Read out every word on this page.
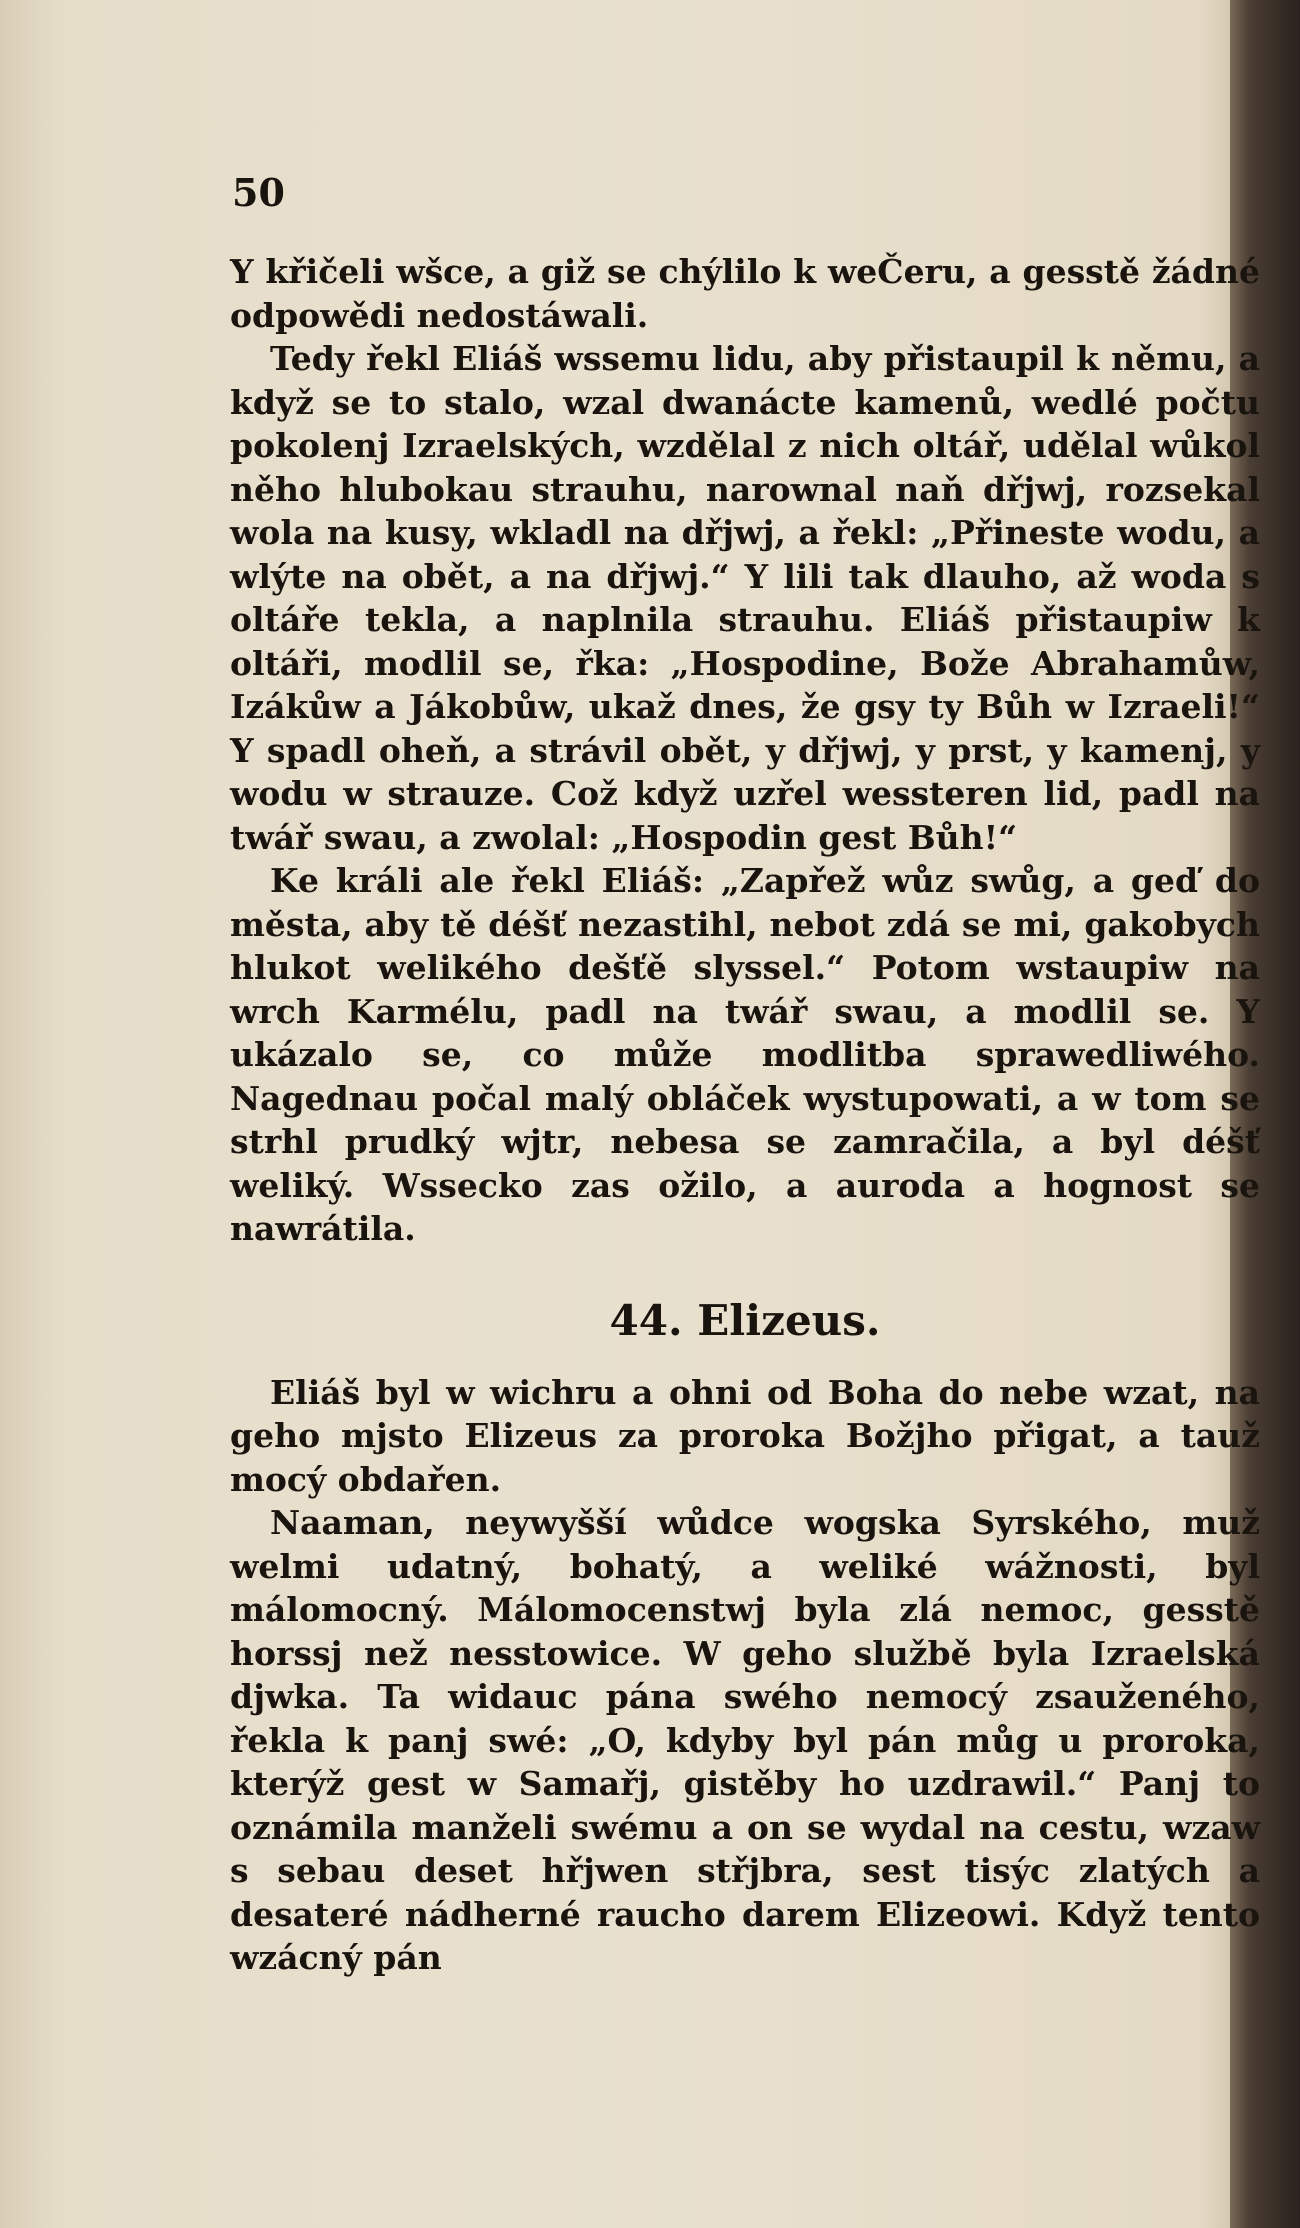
50

Y křičeli wšce, a giž se chýlilo k weČeru, a gesstě žádné odpowědi nedostáwali.

Tedy řekl Eliáš wssemu lidu, aby přistaupil k němu, a když se to stalo, wzal dwanácte kamenů, wedlé počtu pokolenj Izraelských, wzdělal z nich oltář, udělal wůkol něho hlubokau strauhu, narownal naň dřjwj, rozsekal wola na kusy, wkladl na dřjwj, a řekl: „Přineste wodu, a wlýte na obět, a na dřjwj.“ Y lili tak dlauho, až woda s oltáře tekla, a naplnila strauhu. Eliáš přistaupiw k oltáři, modlil se, řka: „Hospodine, Bože Abrahamůw, Izákůw a Jákobůw, ukaž dnes, že gsy ty Bůh w Izraeli!“ Y spadl oheň, a strávil obět, y dřjwj, y prst, y kamenj, y wodu w strauze. Což když uzřel wessteren lid, padl na twář swau, a zwolal: „Hospodin gest Bůh!“

Ke králi ale řekl Eliáš: „Zapřež wůz swůg, a geď do města, aby tě déšť nezastihl, nebot zdá se mi, gakobych hlukot welikého dešťě slyssel.“ Potom wstaupiw na wrch Karmélu, padl na twář swau, a modlil se. Y ukázalo se, co může modlitba sprawedliwého. Nagednau počal malý obláček wystupowati, a w tom se strhl prudký wjtr, nebesa se zamračila, a byl déšť weliký. Wssecko zas ožilo, a auroda a hognost se nawrátila.

44. Elizeus.

Eliáš byl w wichru a ohni od Boha do nebe wzat, na geho mjsto Elizeus za proroka Božjho přigat, a tauž mocý obdařen.

Naaman, neywyšší wůdce wogska Syrského, muž welmi udatný, bohatý, a weliké wážnosti, byl málomocný. Málomocenstwj byla zlá nemoc, gesstě horssj než nesstowice. W geho službě byla Izraelská djwka. Ta widauc pána swého nemocý zsauženého, řekla k panj swé: „O, kdyby byl pán můg u proroka, kterýž gest w Samařj, gistěby ho uzdrawil.“ Panj to oznámila manželi swému a on se wydal na cestu, wzaw s sebau deset hřjwen střjbra, sest tisýc zlatých a desateré nádherné raucho darem Elizeowi. Když tento wzácný pán
